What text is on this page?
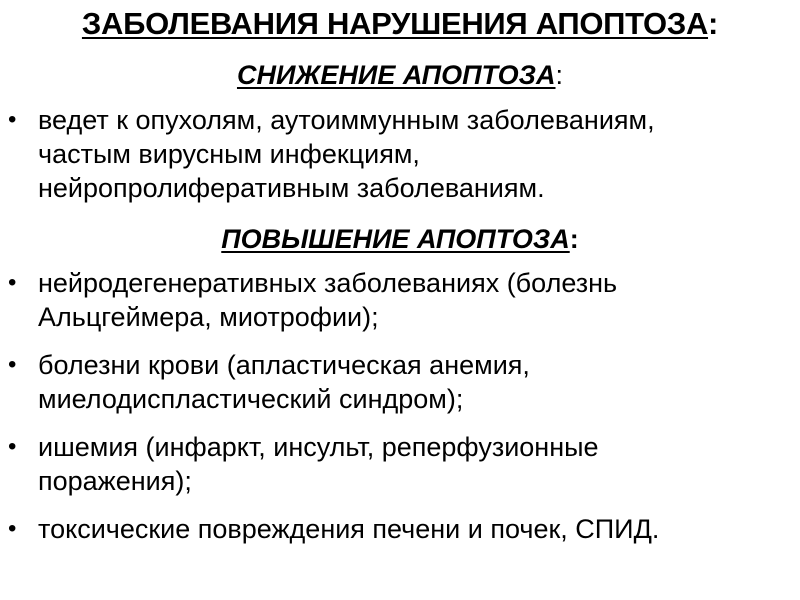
ЗАБОЛЕВАНИЯ НАРУШЕНИЯ АПОПТОЗА:
СНИЖЕНИЕ АПОПТОЗА:
• ведет к опухолям, аутоиммунным заболеваниям,
частым вирусным инфекциям,
нейропролиферативным заболеваниям.
ПОВЫШЕНИЕ АПОПТОЗА:
• нейродегенеративных заболеваниях (болезнь
Альцгеймера, миотрофии);
• болезни крови (апластическая анемия,
миелодиспластический синдром);
• ишемия (инфаркт, инсульт, реперфузионные
поражения);
• токсические повреждения печени и почек, СПИД.
